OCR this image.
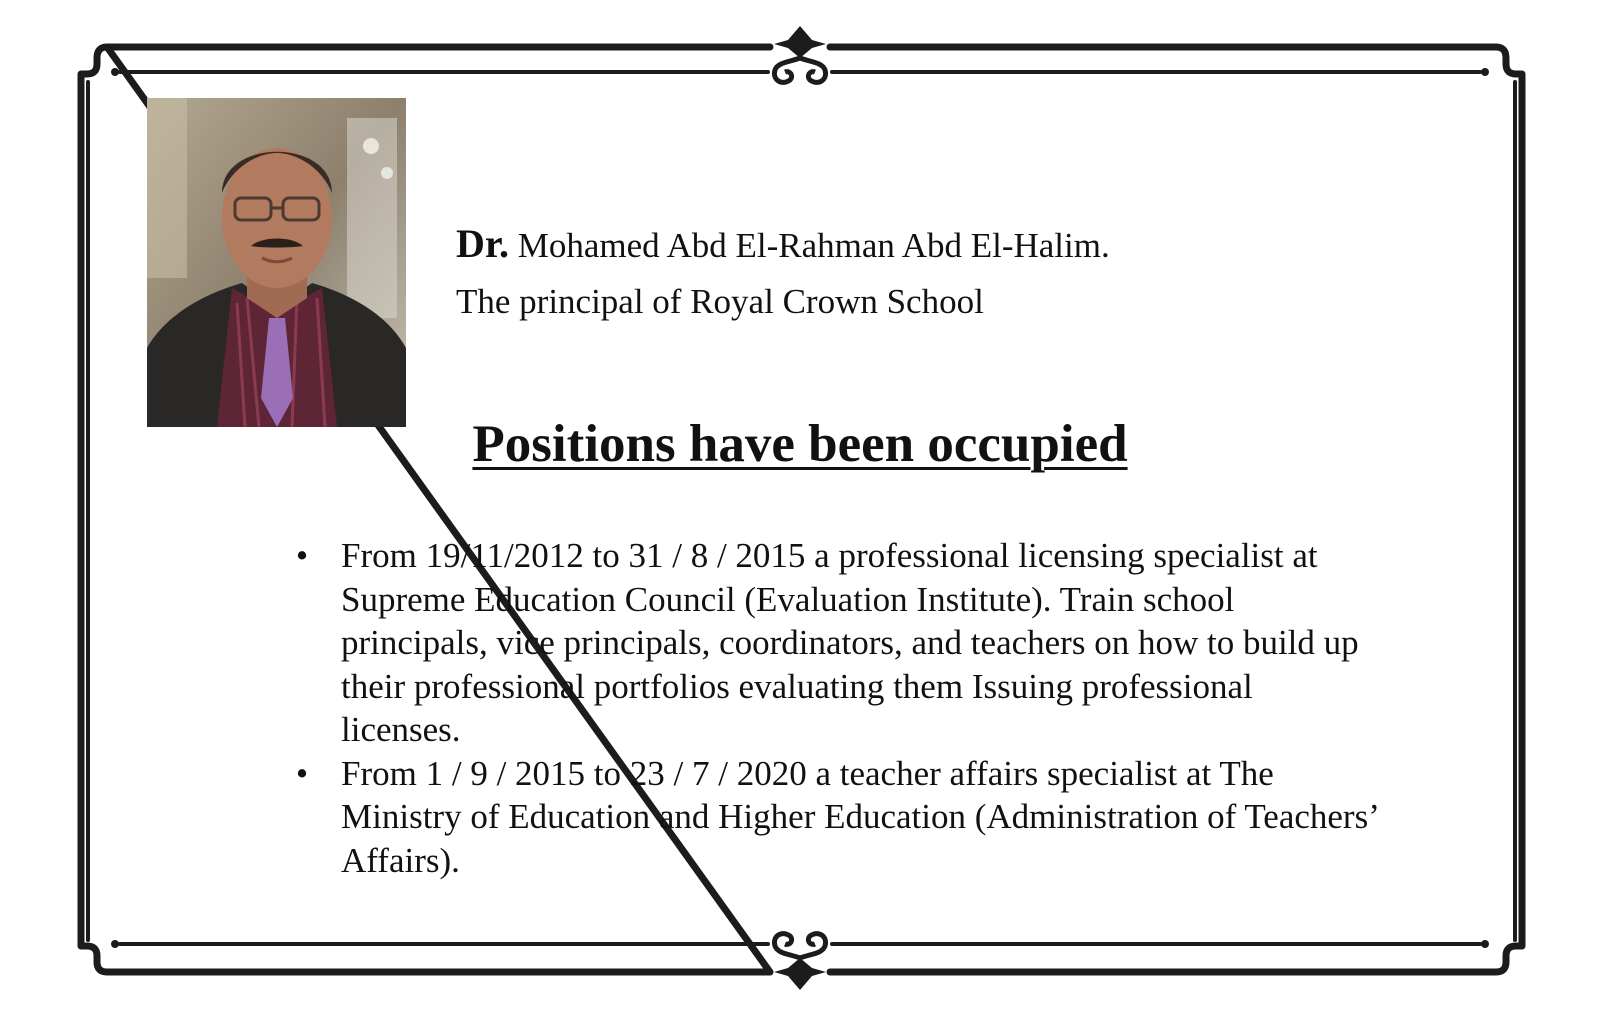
Dr. Mohamed Abd El-Rahman Abd El-Halim.
The principal of Royal Crown School
Positions have been occupied
• From 19/11/2012 to 31 / 8 / 2015 a professional licensing specialist at Supreme Education Council (Evaluation Institute). Train school principals, vice principals, coordinators, and teachers on how to build up their professional portfolios evaluating them Issuing professional licenses.
• From 1 / 9 / 2015 to 23 / 7 / 2020 a teacher affairs specialist at The Ministry of Education and Higher Education (Administration of Teachers’ Affairs).
